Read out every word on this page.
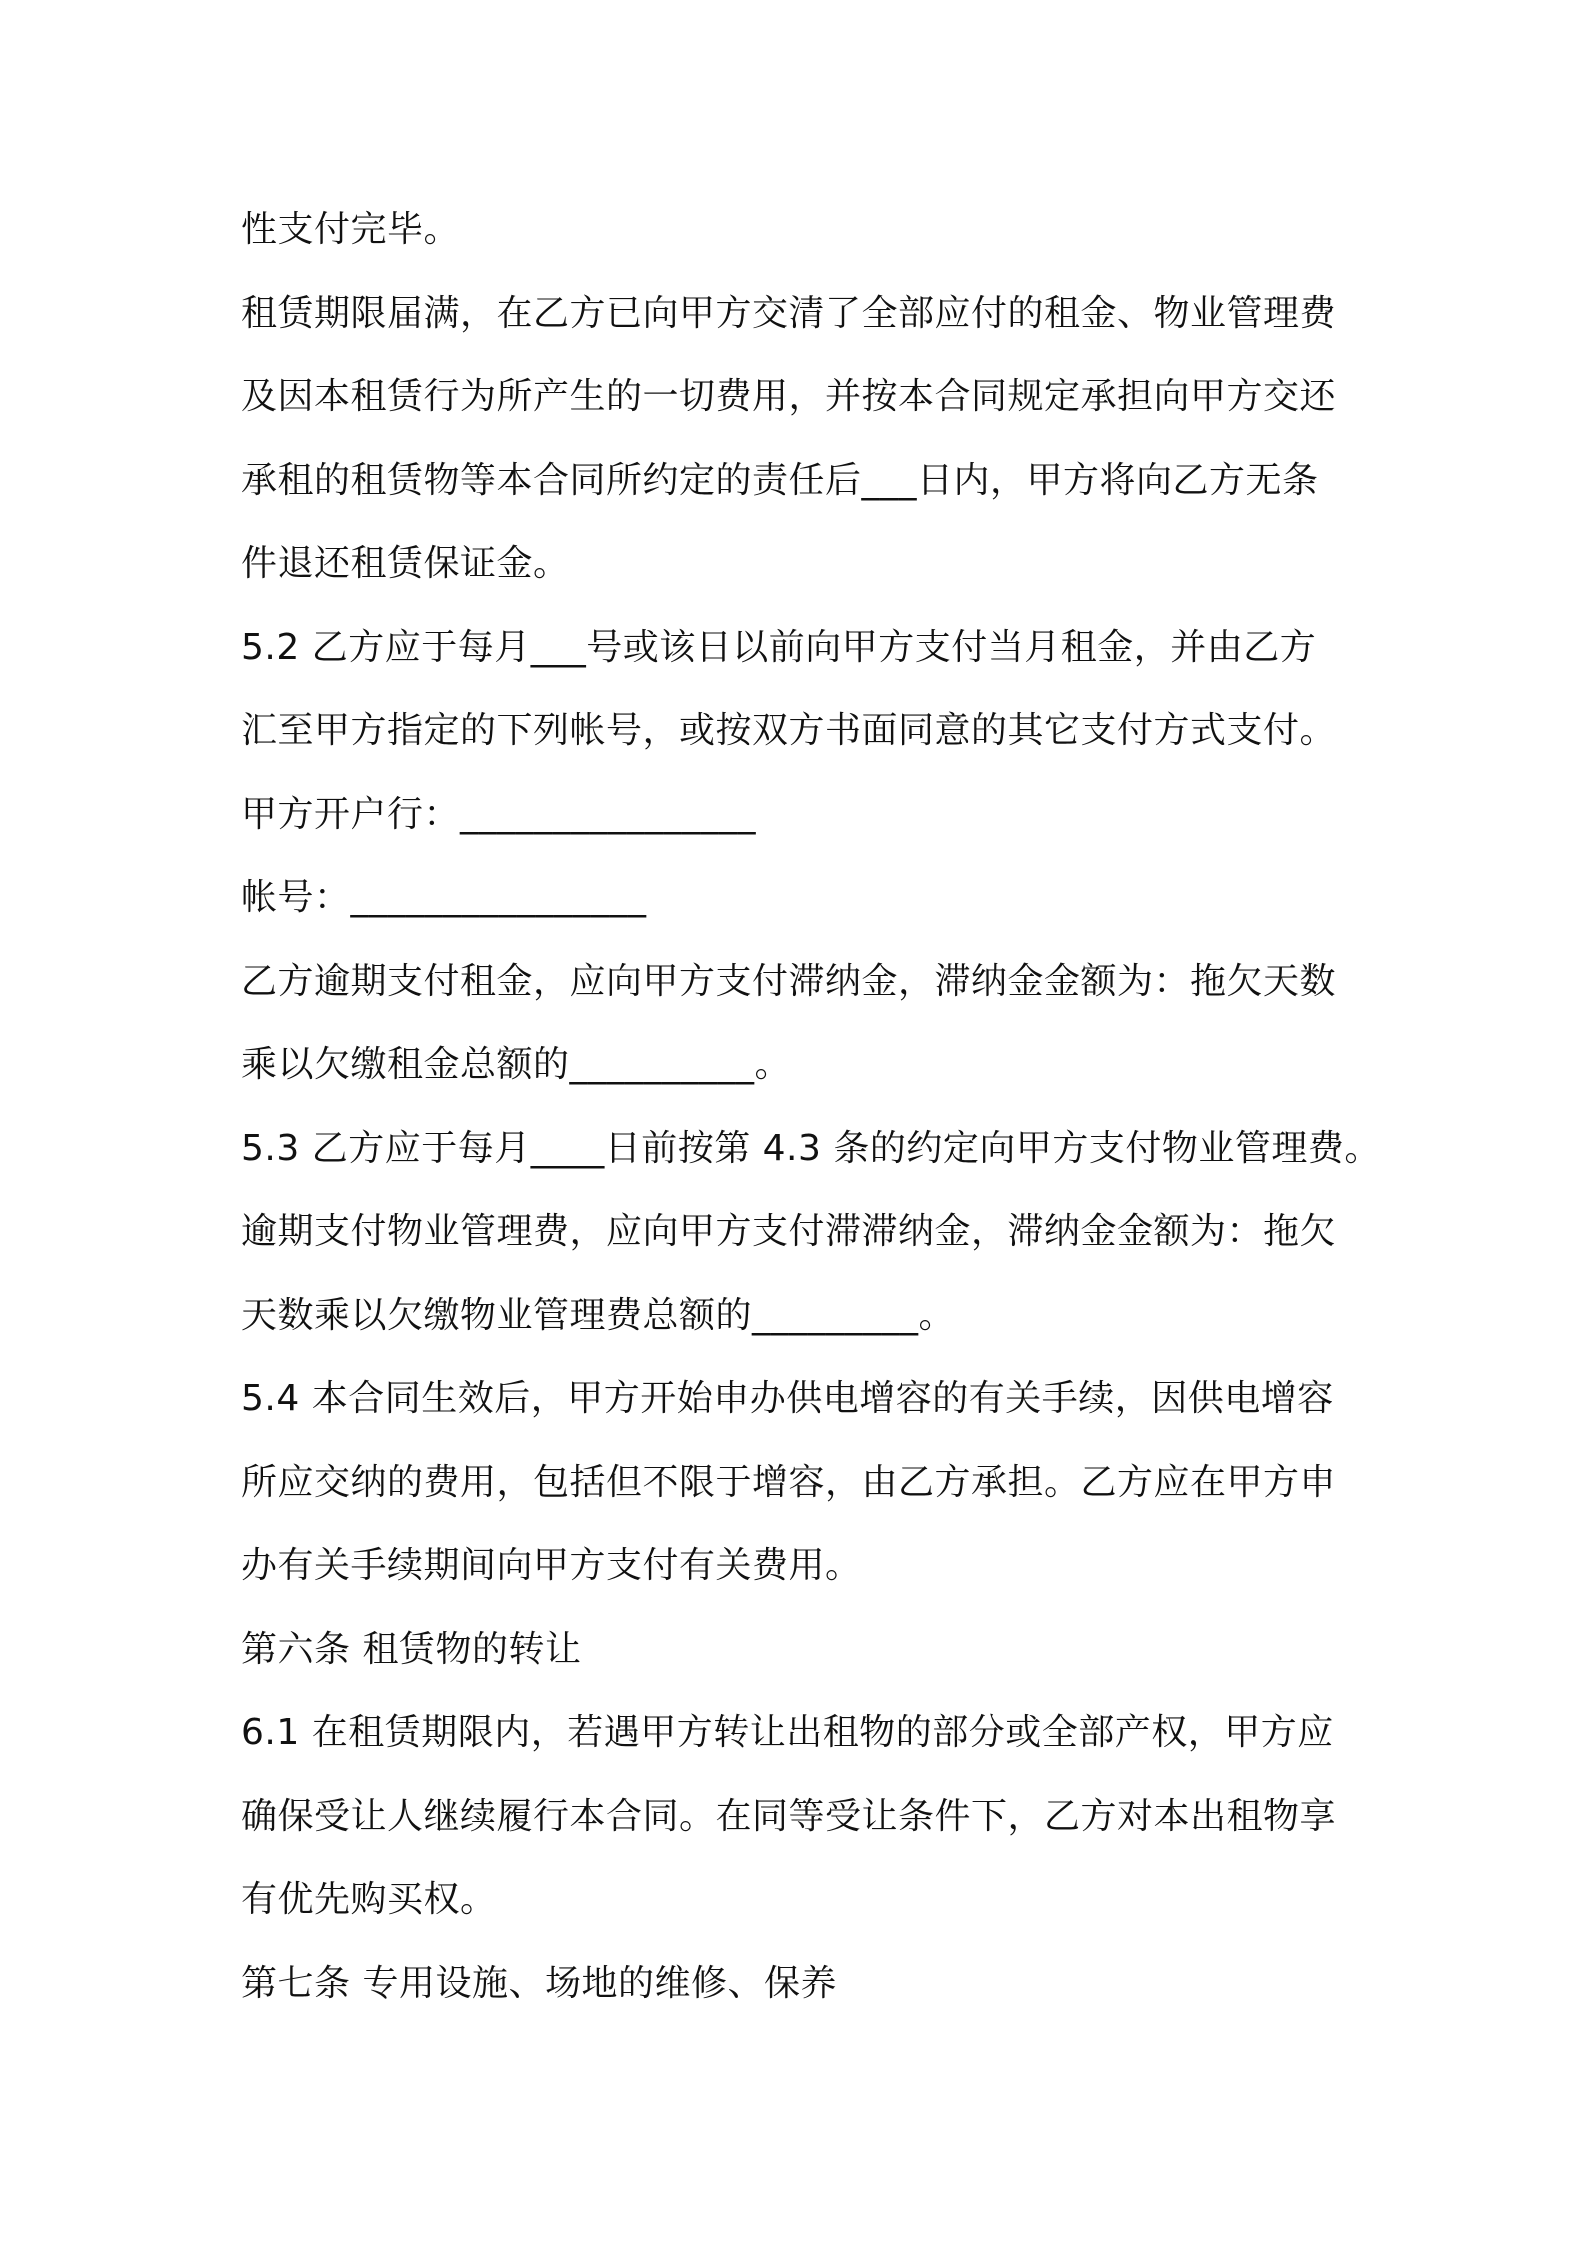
性支付完毕。
租赁期限届满，在乙方已向甲方交清了全部应付的租金、物业管理费
及因本租赁行为所产生的一切费用，并按本合同规定承担向甲方交还
承租的租赁物等本合同所约定的责任后___日内，甲方将向乙方无条
件退还租赁保证金。
5.2 乙方应于每月___号或该日以前向甲方支付当月租金，并由乙方
汇至甲方指定的下列帐号，或按双方书面同意的其它支付方式支付。
甲方开户行：________________
帐号：________________
乙方逾期支付租金，应向甲方支付滞纳金，滞纳金金额为：拖欠天数
乘以欠缴租金总额的__________。
5.3 乙方应于每月____日前按第 4.3 条的约定向甲方支付物业管理费。
逾期支付物业管理费，应向甲方支付滞滞纳金，滞纳金金额为：拖欠
天数乘以欠缴物业管理费总额的_________。
5.4 本合同生效后，甲方开始申办供电增容的有关手续，因供电增容
所应交纳的费用，包括但不限于增容，由乙方承担。乙方应在甲方申
办有关手续期间向甲方支付有关费用。
第六条 租赁物的转让
6.1 在租赁期限内，若遇甲方转让出租物的部分或全部产权，甲方应
确保受让人继续履行本合同。在同等受让条件下，乙方对本出租物享
有优先购买权。
第七条 专用设施、场地的维修、保养
